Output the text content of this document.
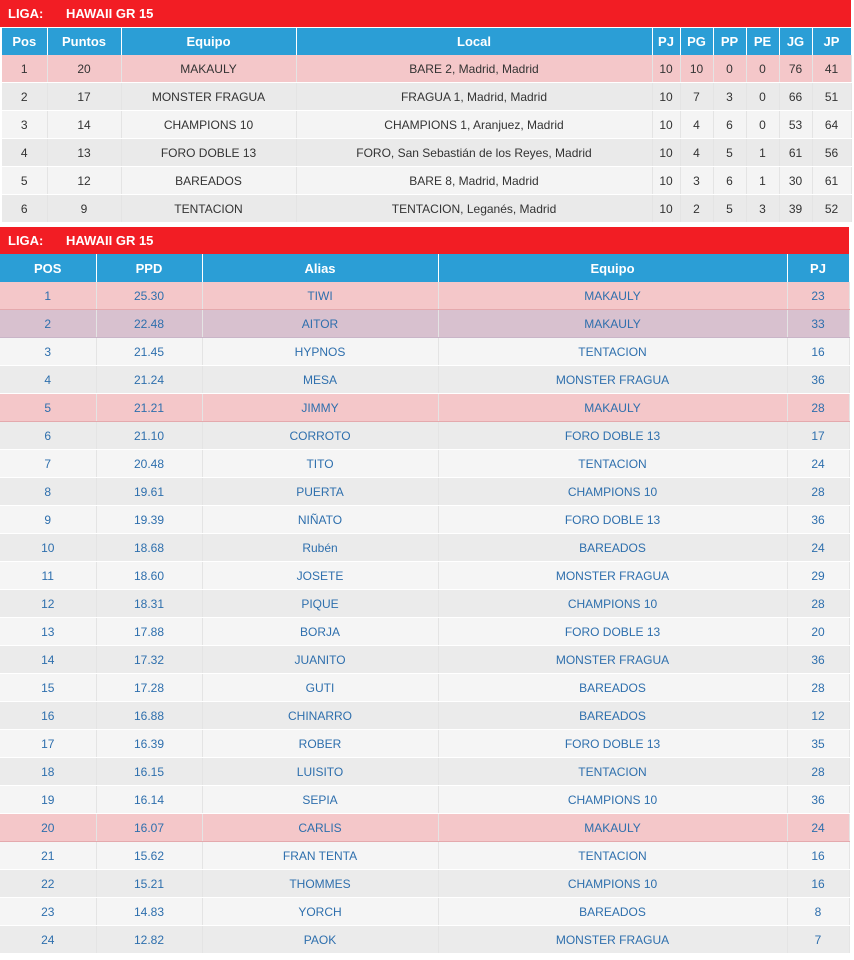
LIGA: HAWAII GR 15
Pos	Puntos	Equipo	Local	PJ	PG	PP	PE	JG	JP
1	20	MAKAULY	BARE 2, Madrid, Madrid	10	10	0	0	76	41
2	17	MONSTER FRAGUA	FRAGUA 1, Madrid, Madrid	10	7	3	0	66	51
3	14	CHAMPIONS 10	CHAMPIONS 1, Aranjuez, Madrid	10	4	6	0	53	64
4	13	FORO DOBLE 13	FORO, San Sebastián de los Reyes, Madrid	10	4	5	1	61	56
5	12	BAREADOS	BARE 8, Madrid, Madrid	10	3	6	1	30	61
6	9	TENTACION	TENTACION, Leganés, Madrid	10	2	5	3	39	52
LIGA: HAWAII GR 15
POS	PPD	Alias	Equipo	PJ
1	25.30	TIWI	MAKAULY	23
2	22.48	AITOR	MAKAULY	33
3	21.45	HYPNOS	TENTACION	16
4	21.24	MESA	MONSTER FRAGUA	36
5	21.21	JIMMY	MAKAULY	28
6	21.10	CORROTO	FORO DOBLE 13	17
7	20.48	TITO	TENTACION	24
8	19.61	PUERTA	CHAMPIONS 10	28
9	19.39	NIÑATO	FORO DOBLE 13	36
10	18.68	Rubén	BAREADOS	24
11	18.60	JOSETE	MONSTER FRAGUA	29
12	18.31	PIQUE	CHAMPIONS 10	28
13	17.88	BORJA	FORO DOBLE 13	20
14	17.32	JUANITO	MONSTER FRAGUA	36
15	17.28	GUTI	BAREADOS	28
16	16.88	CHINARRO	BAREADOS	12
17	16.39	ROBER	FORO DOBLE 13	35
18	16.15	LUISITO	TENTACION	28
19	16.14	SEPIA	CHAMPIONS 10	36
20	16.07	CARLIS	MAKAULY	24
21	15.62	FRAN TENTA	TENTACION	16
22	15.21	THOMMES	CHAMPIONS 10	16
23	14.83	YORCH	BAREADOS	8
24	12.82	PAOK	MONSTER FRAGUA	7
